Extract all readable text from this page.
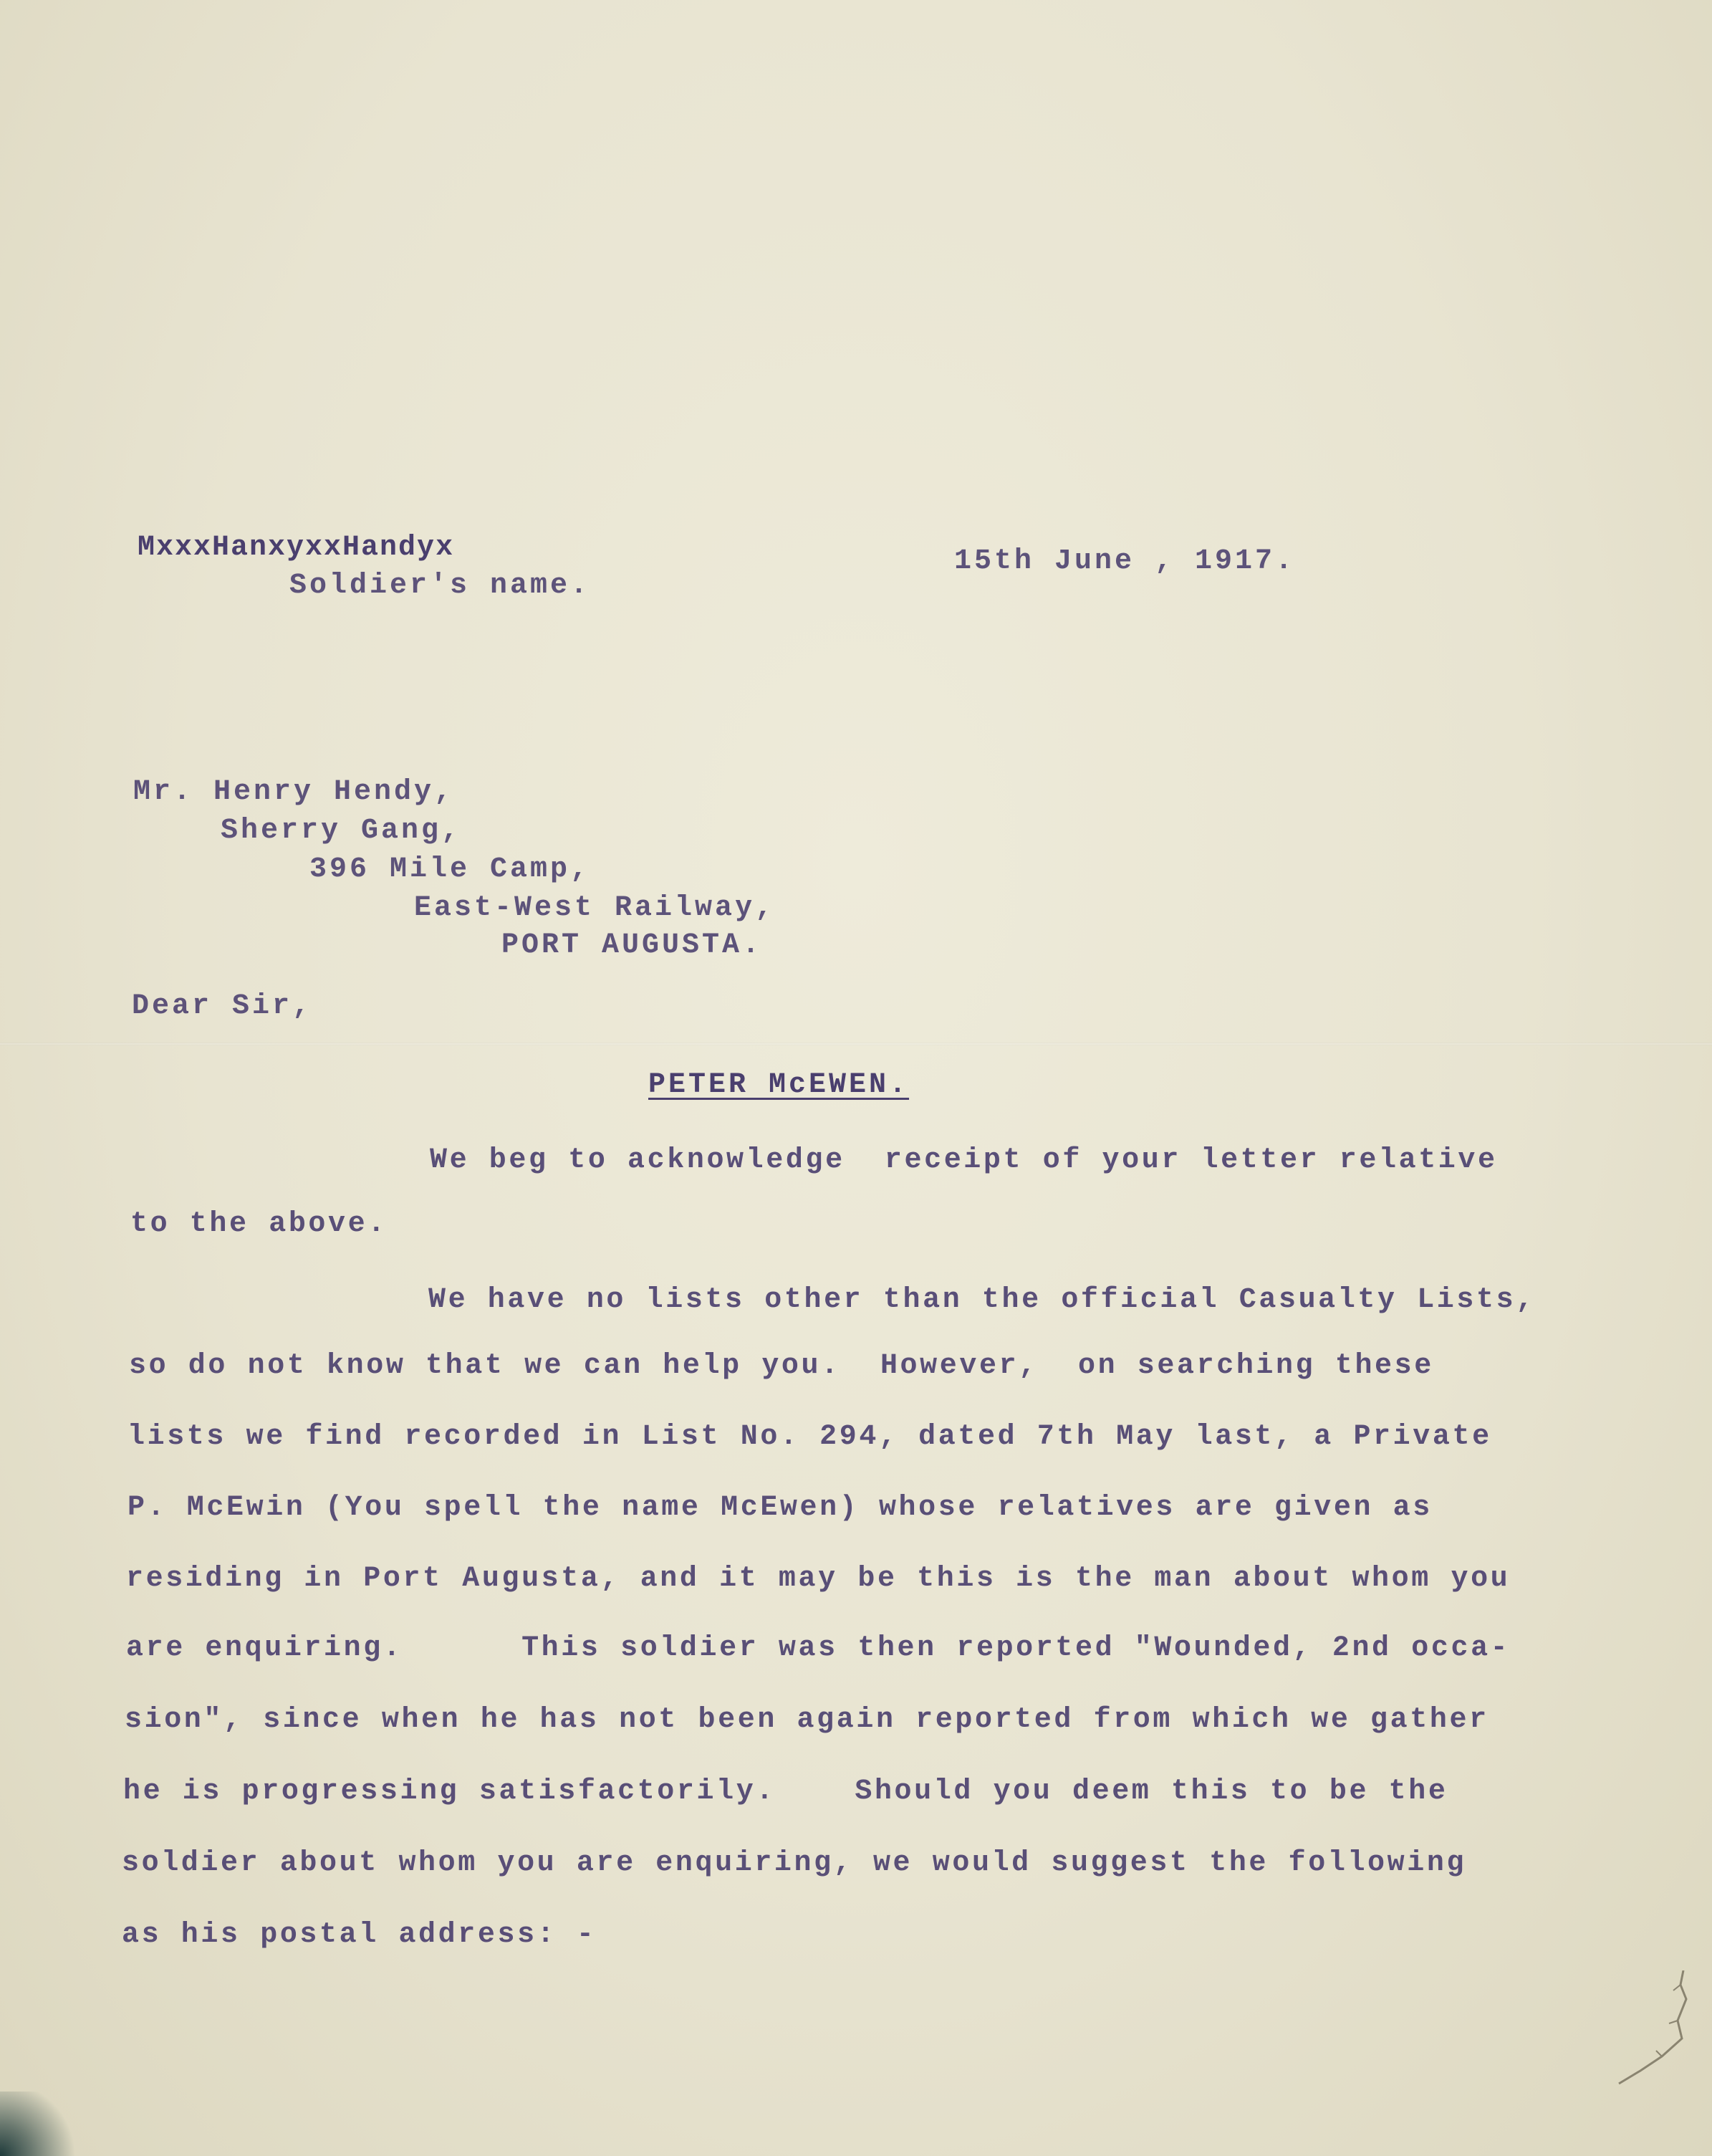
MxxxHanxyxxHandyx
Soldier's name.
15th June , 1917.
Mr. Henry Hendy,
Sherry Gang,
396 Mile Camp,
East-West Railway,
PORT AUGUSTA.
Dear Sir,
PETER McEWEN.
We beg to acknowledge  receipt of your letter relative
to the above.
We have no lists other than the official Casualty Lists,
so do not know that we can help you.  However,  on searching these
lists we find recorded in List No. 294, dated 7th May last, a Private
P. McEwin (You spell the name McEwen) whose relatives are given as
residing in Port Augusta, and it may be this is the man about whom you
are enquiring.      This soldier was then reported "Wounded, 2nd occa-
sion", since when he has not been again reported from which we gather
he is progressing satisfactorily.    Should you deem this to be the
soldier about whom you are enquiring, we would suggest the following
as his postal address: -
